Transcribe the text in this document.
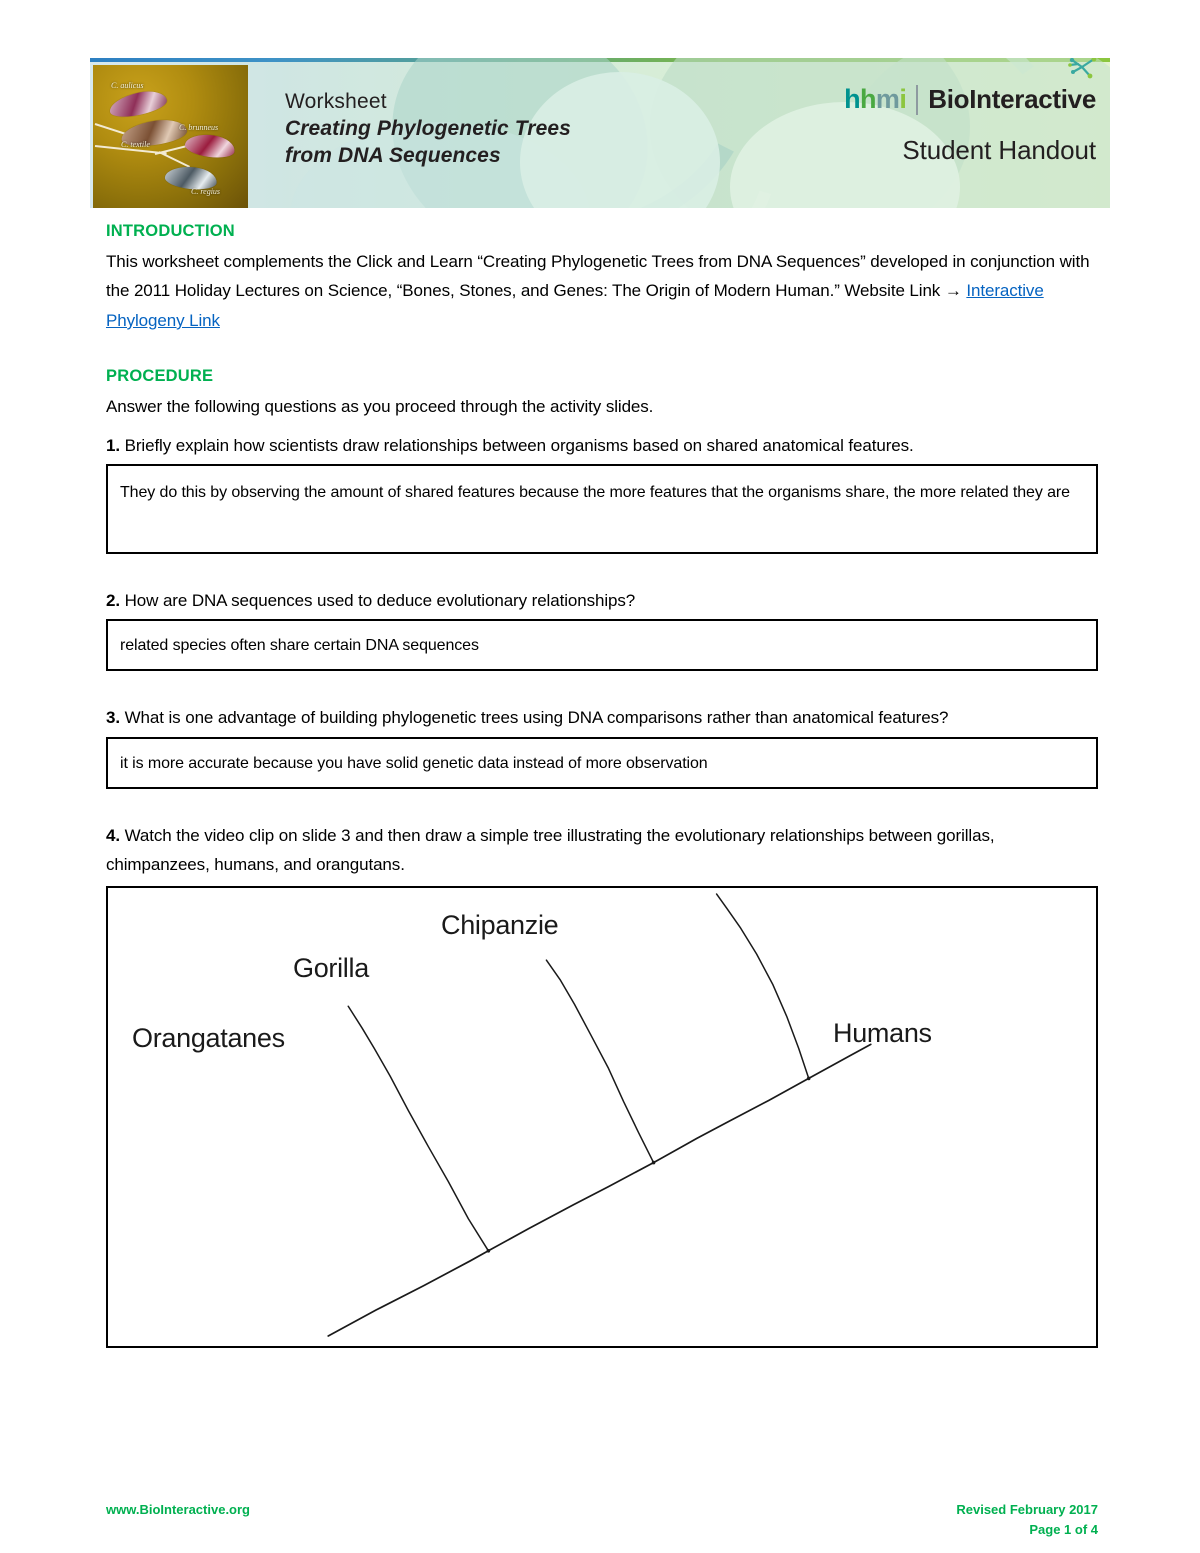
C. aulicus
C. brunneus
C. textile
C. regius
Worksheet
Creating Phylogenetic Trees
from DNA Sequences
hhmi BioInteractive
Student Handout
INTRODUCTION

This worksheet complements the Click and Learn “Creating Phylogenetic Trees from DNA Sequences” developed in conjunction with the 2011 Holiday Lectures on Science, “Bones, Stones, and Genes: The Origin of Modern Human.” Website Link → Interactive Phylogeny Link

PROCEDURE

Answer the following questions as you proceed through the activity slides.

1. Briefly explain how scientists draw relationships between organisms based on shared anatomical features.

They do this by observing the amount of shared features because the more features that the organisms share, the more related they are

2. How are DNA sequences used to deduce evolutionary relationships?

related species often share certain DNA sequences

3. What is one advantage of building phylogenetic trees using DNA comparisons rather than anatomical features?

it is more accurate because you have solid genetic data instead of more observation

4. Watch the video clip on slide 3 and then draw a simple tree illustrating the evolutionary relationships between gorillas, chimpanzees, humans, and orangutans.

Orangatanes
Gorilla
Chipanzie
Humans
www.BioInteractive.org	Revised February 2017
Page 1 of 4
